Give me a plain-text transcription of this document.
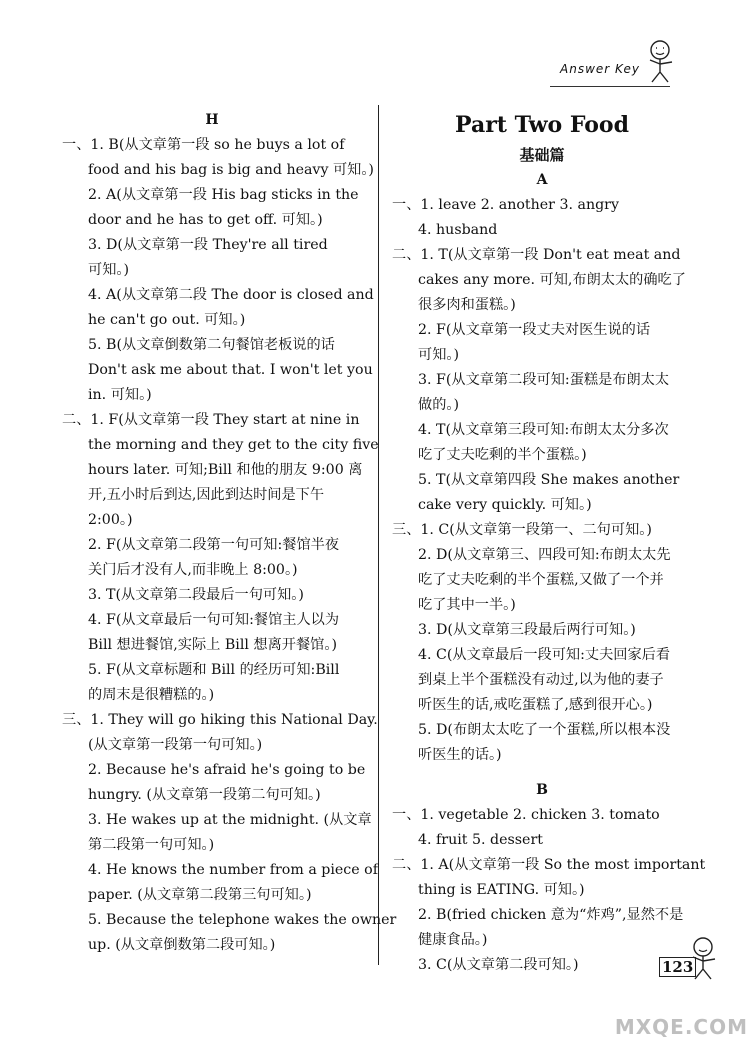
Answer Key
H
一、1. B(从文章第一段 so he buys a lot of
food and his bag is big and heavy 可知。)
2. A(从文章第一段 His bag sticks in the
door and he has to get off. 可知。)
3. D(从文章第一段 They're all tired
可知。)
4. A(从文章第二段 The door is closed and
he can't go out. 可知。)
5. B(从文章倒数第二句餐馆老板说的话
Don't ask me about that. I won't let you
in. 可知。)
二、1. F(从文章第一段 They start at nine in
the morning and they get to the city five
hours later. 可知;Bill 和他的朋友 9:00 离
开,五小时后到达,因此到达时间是下午
2:00。)
2. F(从文章第二段第一句可知:餐馆半夜
关门后才没有人,而非晚上 8:00。)
3. T(从文章第二段最后一句可知。)
4. F(从文章最后一句可知:餐馆主人以为
Bill 想进餐馆,实际上 Bill 想离开餐馆。)
5. F(从文章标题和 Bill 的经历可知:Bill
的周末是很糟糕的。)
三、1. They will go hiking this National Day.
(从文章第一段第一句可知。)
2. Because he's afraid he's going to be
hungry. (从文章第一段第二句可知。)
3. He wakes up at the midnight. (从文章
第二段第一句可知。)
4. He knows the number from a piece of
paper. (从文章第二段第三句可知。)
5. Because the telephone wakes the owner
up. (从文章倒数第二段可知。)
Part Two Food
基础篇
A
一、1. leave 2. another 3. angry
4. husband
二、1. T(从文章第一段 Don't eat meat and
cakes any more. 可知,布朗太太的确吃了
很多肉和蛋糕。)
2. F(从文章第一段丈夫对医生说的话
可知。)
3. F(从文章第二段可知:蛋糕是布朗太太
做的。)
4. T(从文章第三段可知:布朗太太分多次
吃了丈夫吃剩的半个蛋糕。)
5. T(从文章第四段 She makes another
cake very quickly. 可知。)
三、1. C(从文章第一段第一、二句可知。)
2. D(从文章第三、四段可知:布朗太太先
吃了丈夫吃剩的半个蛋糕,又做了一个并
吃了其中一半。)
3. D(从文章第三段最后两行可知。)
4. C(从文章最后一段可知:丈夫回家后看
到桌上半个蛋糕没有动过,以为他的妻子
听医生的话,戒吃蛋糕了,感到很开心。)
5. D(布朗太太吃了一个蛋糕,所以根本没
听医生的话。)
B
一、1. vegetable 2. chicken 3. tomato
4. fruit 5. dessert
二、1. A(从文章第一段 So the most important
thing is EATING. 可知。)
2. B(fried chicken 意为“炸鸡”,显然不是
健康食品。)
3. C(从文章第二段可知。)	123
MXQE.COM
